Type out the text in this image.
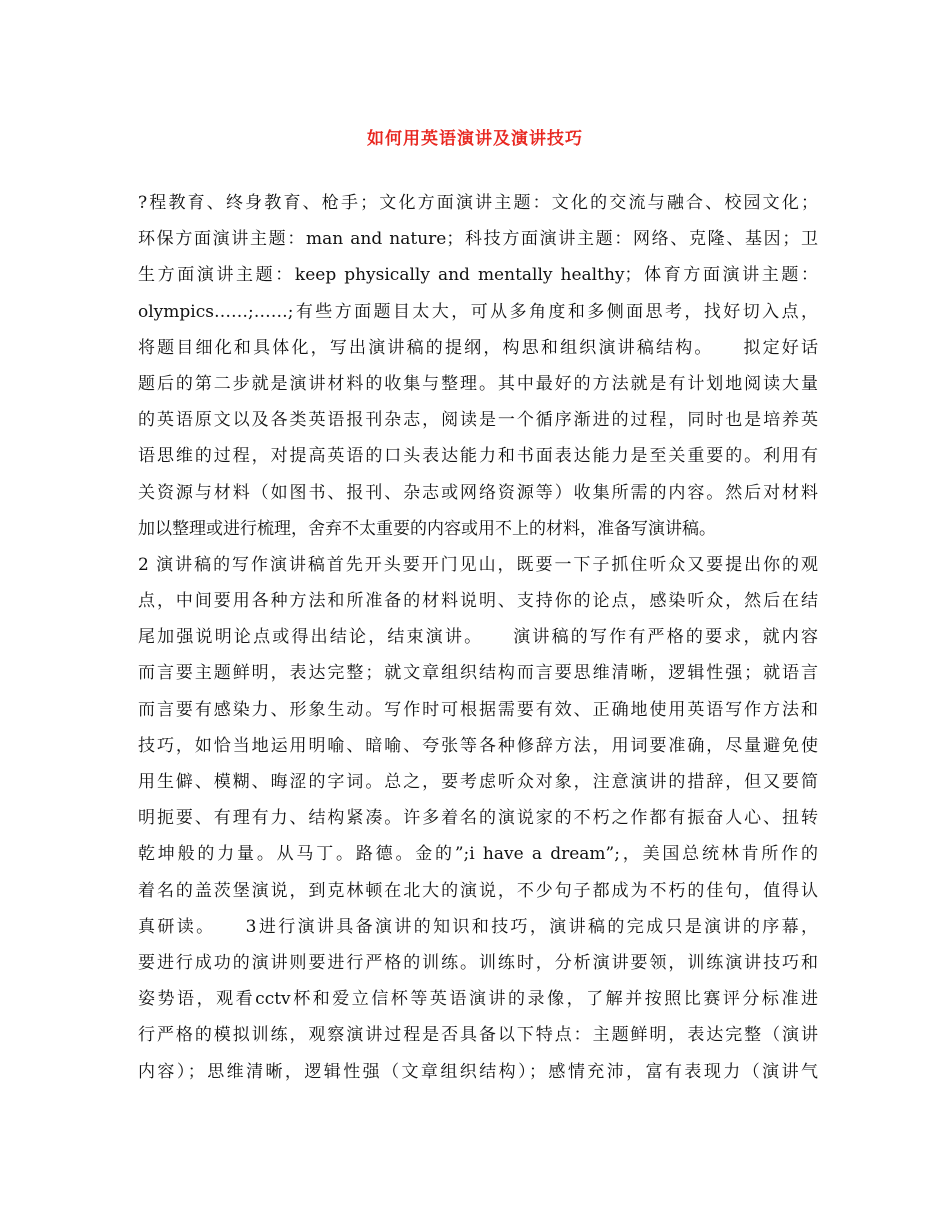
如何用英语演讲及演讲技巧
?程教育、终身教育、枪手；文化方面演讲主题：文化的交流与融合、校园文化；
环保方面演讲主题：man and nature；科技方面演讲主题：网络、克隆、基因；卫
生方面演讲主题：keep physically and mentally healthy；体育方面演讲主题：
olympics……;……;有些方面题目太大，可从多角度和多侧面思考，找好切入点，
将题目细化和具体化，写出演讲稿的提纲，构思和组织演讲稿结构。　　拟定好话
题后的第二步就是演讲材料的收集与整理。其中最好的方法就是有计划地阅读大量
的英语原文以及各类英语报刊杂志，阅读是一个循序渐进的过程，同时也是培养英
语思维的过程，对提高英语的口头表达能力和书面表达能力是至关重要的。利用有
关资源与材料（如图书、报刊、杂志或网络资源等）收集所需的内容。然后对材料
加以整理或进行梳理，舍弃不太重要的内容或用不上的材料，准备写演讲稿。
2 演讲稿的写作演讲稿首先开头要开门见山，既要一下子抓住听众又要提出你的观
点，中间要用各种方法和所准备的材料说明、支持你的论点，感染听众，然后在结
尾加强说明论点或得出结论，结束演讲。　　演讲稿的写作有严格的要求，就内容
而言要主题鲜明，表达完整；就文章组织结构而言要思维清晰，逻辑性强；就语言
而言要有感染力、形象生动。写作时可根据需要有效、正确地使用英语写作方法和
技巧，如恰当地运用明喻、暗喻、夸张等各种修辞方法，用词要准确，尽量避免使
用生僻、模糊、晦涩的字词。总之，要考虑听众对象，注意演讲的措辞，但又要简
明扼要、有理有力、结构紧凑。许多着名的演说家的不朽之作都有振奋人心、扭转
乾坤般的力量。从马丁。路德。金的”;i have a dream”;，美国总统林肯所作的
着名的盖茨堡演说，到克林顿在北大的演说，不少句子都成为不朽的佳句，值得认
真研读。　　3进行演讲具备演讲的知识和技巧，演讲稿的完成只是演讲的序幕，
要进行成功的演讲则要进行严格的训练。训练时，分析演讲要领，训练演讲技巧和
姿势语，观看cctv杯和爱立信杯等英语演讲的录像，了解并按照比赛评分标准进
行严格的模拟训练，观察演讲过程是否具备以下特点：主题鲜明，表达完整（演讲
内容）；思维清晰，逻辑性强（文章组织结构）；感情充沛，富有表现力（演讲气
